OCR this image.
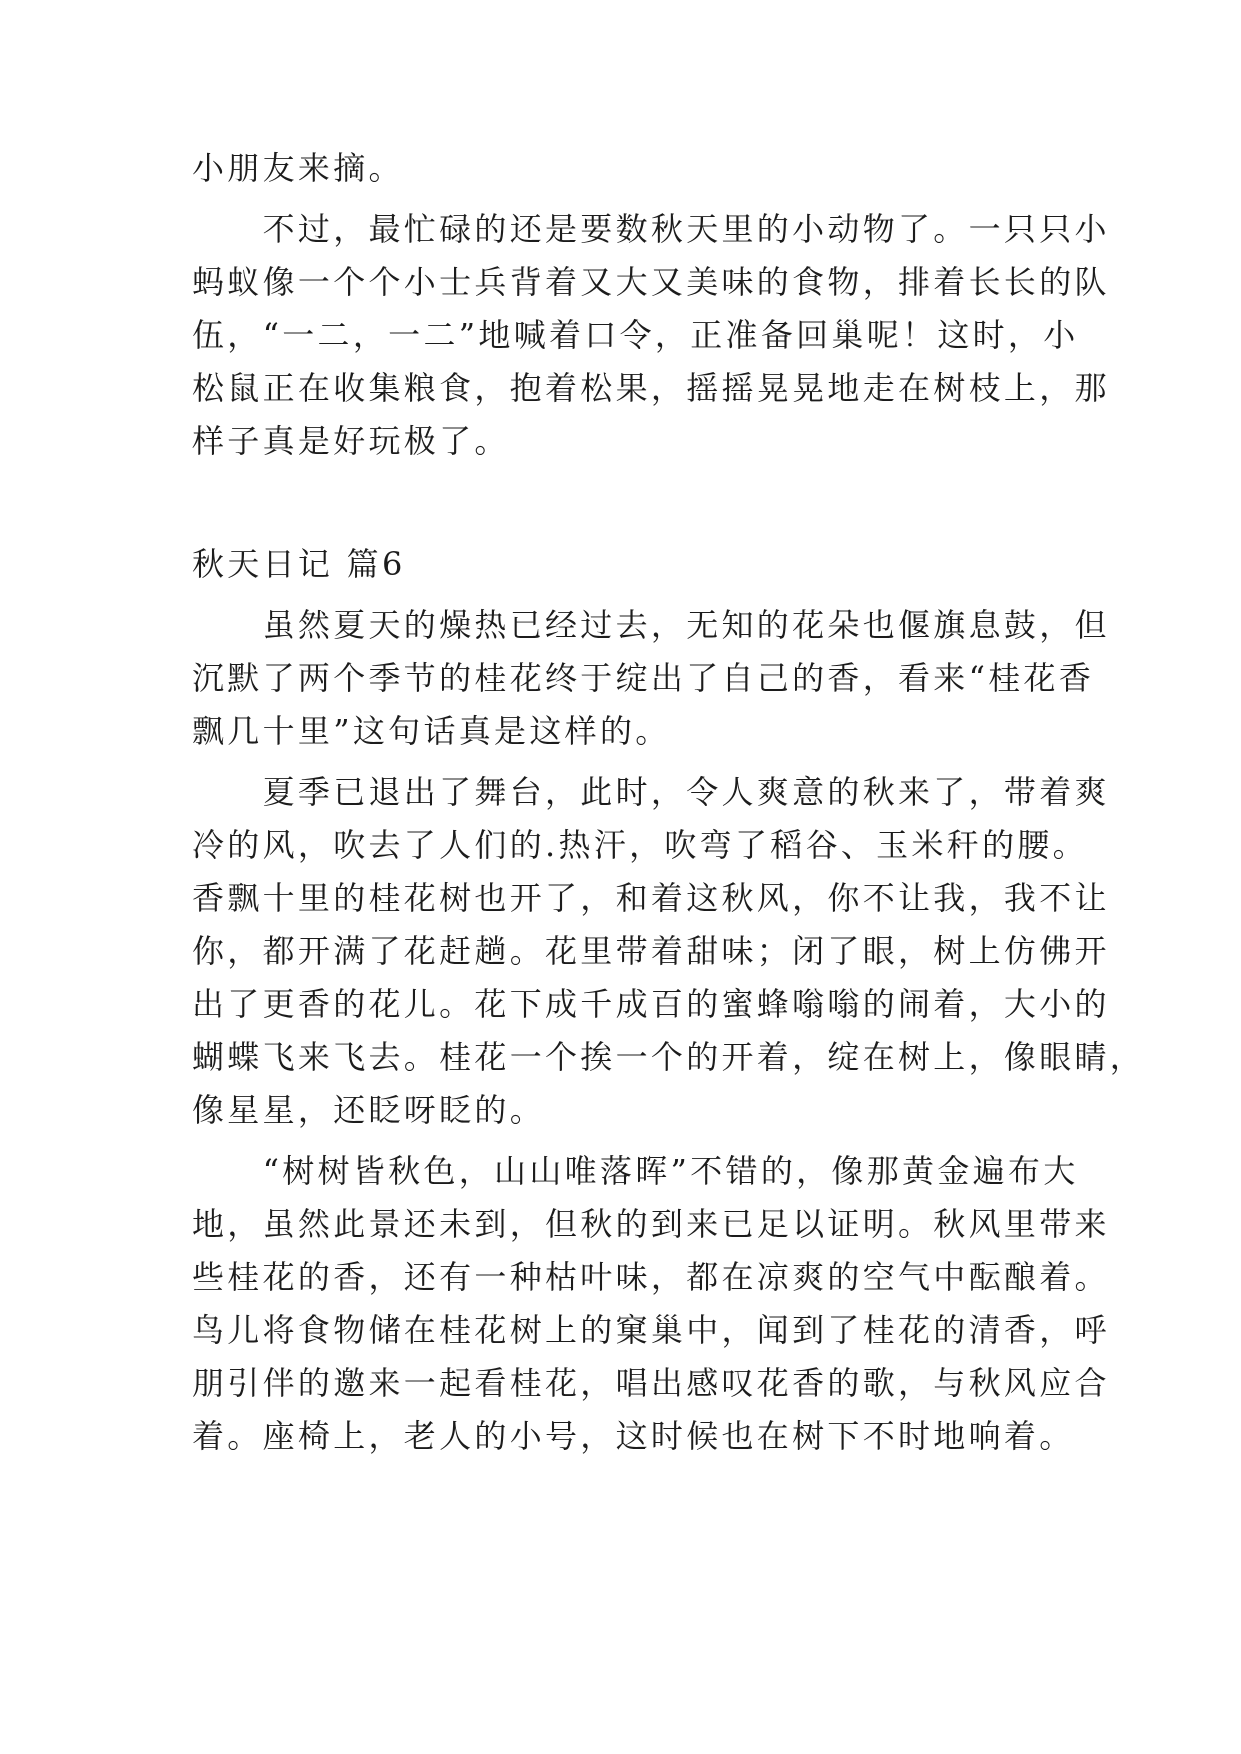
小朋友来摘。
　　不过，最忙碌的还是要数秋天里的小动物了。一只只小
蚂蚁像一个个小士兵背着又大又美味的食物，排着长长的队
伍，“一二，一二”地喊着口令，正准备回巢呢！这时，小
松鼠正在收集粮食，抱着松果，摇摇晃晃地走在树枝上，那
样子真是好玩极了。
秋天日记 篇6
　　虽然夏天的燥热已经过去，无知的花朵也偃旗息鼓，但
沉默了两个季节的桂花终于绽出了自己的香，看来“桂花香
飘几十里”这句话真是这样的。
　　夏季已退出了舞台，此时，令人爽意的秋来了，带着爽
冷的风，吹去了人们的.热汗，吹弯了稻谷、玉米秆的腰。
香飘十里的桂花树也开了，和着这秋风，你不让我，我不让
你，都开满了花赶趟。花里带着甜味；闭了眼，树上仿佛开
出了更香的花儿。花下成千成百的蜜蜂嗡嗡的闹着，大小的
蝴蝶飞来飞去。桂花一个挨一个的开着，绽在树上，像眼睛，
像星星，还眨呀眨的。
　　“树树皆秋色，山山唯落晖”不错的，像那黄金遍布大
地，虽然此景还未到，但秋的到来已足以证明。秋风里带来
些桂花的香，还有一种枯叶味，都在凉爽的空气中酝酿着。
鸟儿将食物储在桂花树上的窠巢中，闻到了桂花的清香，呼
朋引伴的邀来一起看桂花，唱出感叹花香的歌，与秋风应合
着。座椅上，老人的小号，这时候也在树下不时地响着。
